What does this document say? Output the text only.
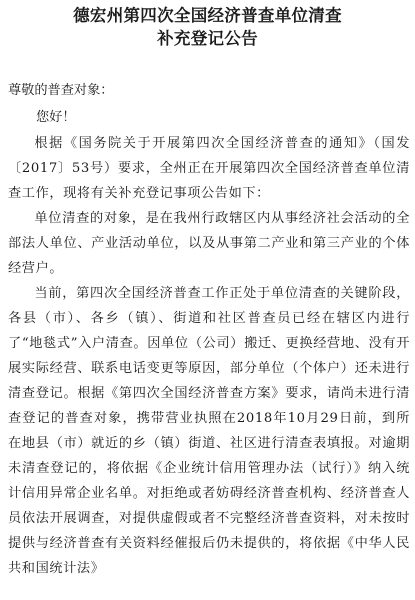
德宏州第四次全国经济普查单位清查
补充登记公告

尊敬的普查对象：

您好！

根据《国务院关于开展第四次全国经济普查的通知》（国发〔2017〕53号）要求，全州正在开展第四次全国经济普查单位清查工作，现将有关补充登记事项公告如下：

单位清查的对象，是在我州行政辖区内从事经济社会活动的全部法人单位、产业活动单位，以及从事第二产业和第三产业的个体经营户。

当前，第四次全国经济普查工作正处于单位清查的关键阶段，各县（市）、各乡（镇）、街道和社区普查员已经在辖区内进行了“地毯式”入户清查。因单位（公司）搬迁、更换经营地、没有开展实际经营、联系电话变更等原因，部分单位（个体户）还未进行清查登记。根据《第四次全国经济普查方案》要求，请尚未进行清查登记的普查对象，携带营业执照在2018年10月29日前，到所在地县（市）就近的乡（镇）街道、社区进行清查表填报。对逾期未清查登记的，将依据《企业统计信用管理办法（试行）》纳入统计信用异常企业名单。对拒绝或者妨碍经济普查机构、经济普查人员依法开展调查，对提供虚假或者不完整经济普查资料，对未按时提供与经济普查有关资料经催报后仍未提供的，将依据《中华人民共和国统计法》
